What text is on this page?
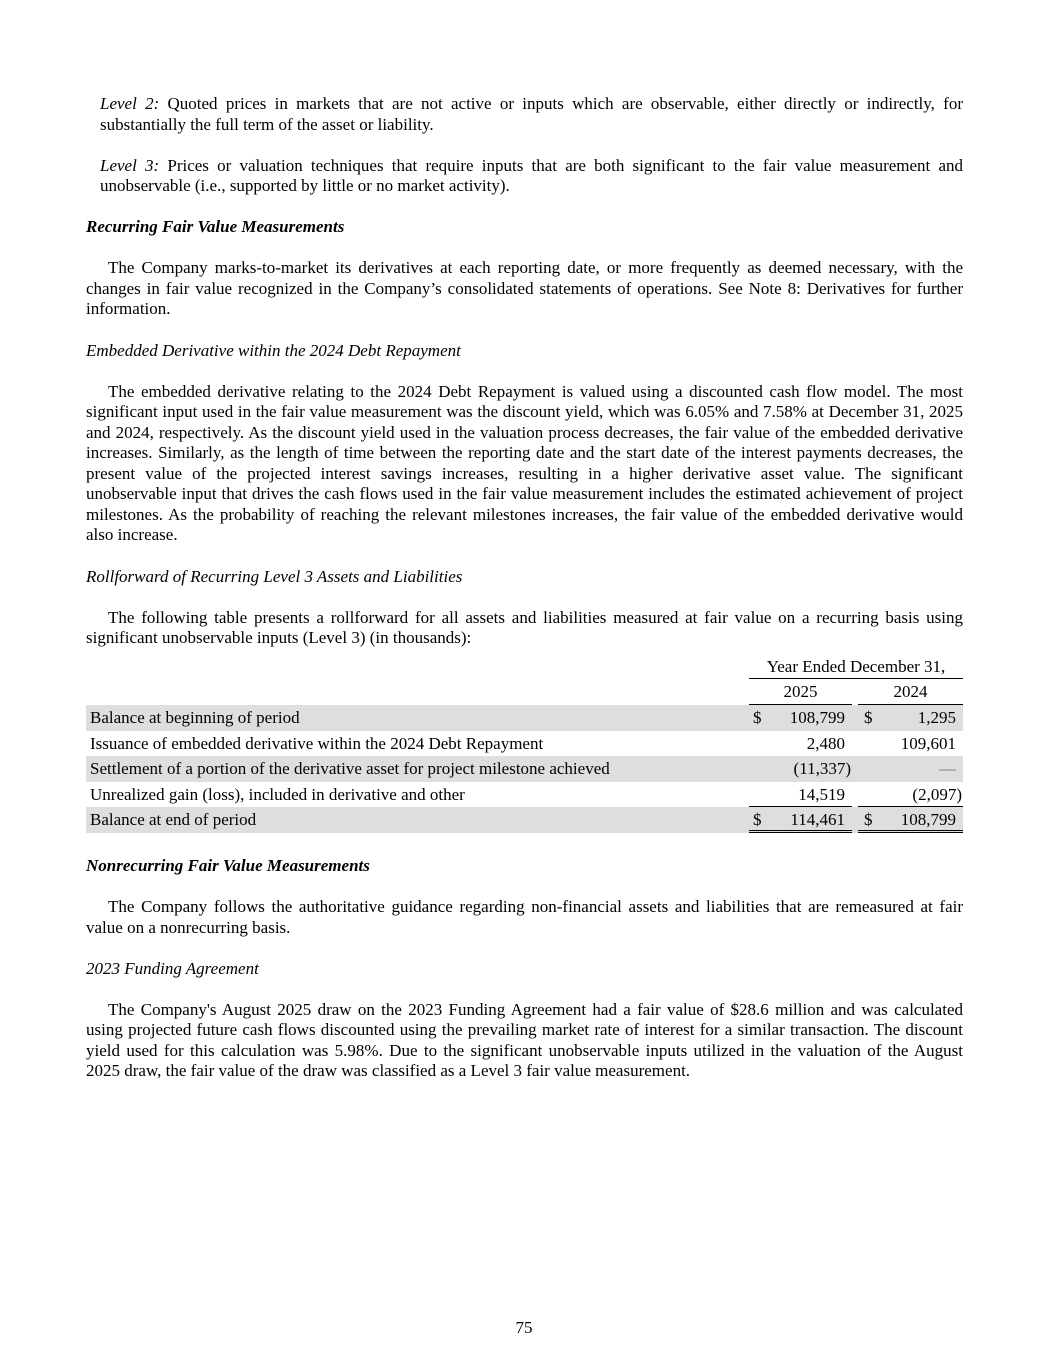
Level 2: Quoted prices in markets that are not active or inputs which are observable, either directly or indirectly, for
substantially the full term of the asset or liability.
Level 3: Prices or valuation techniques that require inputs that are both significant to the fair value measurement and
unobservable (i.e., supported by little or no market activity).
Recurring Fair Value Measurements
The Company marks-to-market its derivatives at each reporting date, or more frequently as deemed necessary, with the
changes in fair value recognized in the Company’s consolidated statements of operations. See Note 8: Derivatives for further
information.
Embedded Derivative within the 2024 Debt Repayment
The embedded derivative relating to the 2024 Debt Repayment is valued using a discounted cash flow model. The most
significant input used in the fair value measurement was the discount yield, which was 6.05% and 7.58% at December 31, 2025
and 2024, respectively. As the discount yield used in the valuation process decreases, the fair value of the embedded derivative
increases. Similarly, as the length of time between the reporting date and the start date of the interest payments decreases, the
present value of the projected interest savings increases, resulting in a higher derivative asset value. The significant
unobservable input that drives the cash flows used in the fair value measurement includes the estimated achievement of project
milestones. As the probability of reaching the relevant milestones increases, the fair value of the embedded derivative would
also increase.
Rollforward of Recurring Level 3 Assets and Liabilities
The following table presents a rollforward for all assets and liabilities measured at fair value on a recurring basis using
significant unobservable inputs (Level 3) (in thousands):
Year Ended December 31,
2025	2024
Balance at beginning of period	$	108,799	$	1,295
Issuance of embedded derivative within the 2024 Debt Repayment	2,480	109,601
Settlement of a portion of the derivative asset for project milestone achieved	(11,337)	—
Unrealized gain (loss), included in derivative and other	14,519	(2,097)
Balance at end of period	$	114,461	$	108,799
Nonrecurring Fair Value Measurements
The Company follows the authoritative guidance regarding non-financial assets and liabilities that are remeasured at fair
value on a nonrecurring basis.
2023 Funding Agreement
The Company's August 2025 draw on the 2023 Funding Agreement had a fair value of $28.6 million and was calculated
using projected future cash flows discounted using the prevailing market rate of interest for a similar transaction. The discount
yield used for this calculation was 5.98%. Due to the significant unobservable inputs utilized in the valuation of the August
2025 draw, the fair value of the draw was classified as a Level 3 fair value measurement.
75
